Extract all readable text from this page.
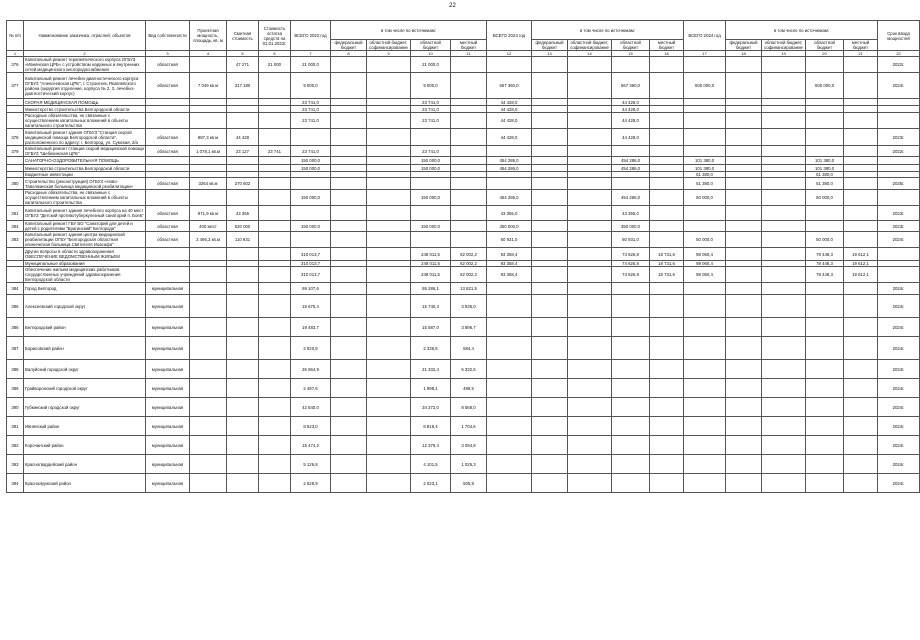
22
№ п/п	Наименование заказчика, отраслей, объектов	Вид собственности	Проектная мощность, площадь, кв. м	Сметная стоимость	Стоимость остатка средств на 01.01.2022г.	ВСЕГО 2022 год	в том числе по источникам:				ВСЕГО 2023 год	в том числе по источникам:				ВСЕГО 2024 год	в том числе по источникам:				Срок ввода мощностей
							федеральный бюджет	областной бюджет, софинансирование	областной бюджет	местный бюджет		федеральный бюджет	областной бюджет, софинансирование	областной бюджет	местный бюджет		федеральный бюджет	областной бюджет, софинансирование	областной бюджет	местный бюджет	
1	2	3	4	5	6	7	8	9	10	11	12	13	14	15	16	17	18	19	20	21	22
376	Капитальный ремонт терапевтического корпуса ОГБУЗ «Ивнянская ЦРБ» с устройством наружных и внутренних сетей медицинского кислородоснабжения	областная		47 271	21 000	21 000,0			21 000,0												2022г.
377	Капитальный ремонт лечебно-диагностического корпуса ОГБУЗ "Алексеевская ЦРБ", г. Строитель Яковлевского района (хирургия отделение, корпуса № 2, 3, лечебно-диагностический корпус)	областная	7 049 кв.м	317 180		9 000,0			9 000,0		567 360,0			567 360,0		500 000,0			500 000,0		2024г.
	СКОРАЯ МЕДИЦИНСКАЯ ПОМОЩЬ					23 741,0			23 741,0		44 428,0			44 428,0							
	Министерство строительства Белгородской области					23 741,0			23 741,0		44 428,0			44 428,0							
	Расходные обязательства, не связанные с осуществлением капитальных вложений в объекты капитального строительства					23 741,0			23 741,0		44 428,0			44 428,0							
378	Капитальный ремонт здания ОГБУЗ "Станция скорой медицинской помощи Белгородской области", расположенного по адресу: г. Белгород, ул. Сумская, 2/а	областная	987,3 кв.м	44 428							44 428,0			44 428,0							2023г.
379	Капитальный ремонт станции скорой медицинской помощи ОГБУЗ "Шебекинская ЦРБ"	областная	1 078,1 кв.м	23 127	23 741	23 741,0			23 741,0												2022г.
	САНАТОРНО-ОЗДОРОВИТЕЛЬНАЯ ПОМОЩЬ					150 000,0			150 000,0		454 286,0			454 286,0		101 380,0			101 380,0		
	Министерство строительства Белгородской области					150 000,0			150 000,0		454 286,0			454 286,0		101 380,0			101 380,0		
	Бюджетные инвестиции															51 380,0			51 380,0		
380	Строительство (реконструкция) ОГБУЗ «Ново-Таволжанская больница медицинской реабилитации»	областная	3264 кв.м	270 602												51 380,0			51 380,0		2025г.
	Расходные обязательства, не связанные с осуществлением капитальных вложений в объекты капитального строительства					150 000,0			150 000,0		454 286,0			454 286,0		50 000,0			50 000,0		
381	Капитальный ремонт здания лечебного корпуса на 40 мест ОГБУЗ "Детский противотуберкулезный санаторий п. Боев"	областная	971,9 кв.м	43 355							43 355,0			43 355,0							2023г.
384	Капитальный ремонт ГБУ БО "Санаторий для детей и детей с родителями "Брагинский" Белгорода"	областная	400 мест	520 000		150 000,0			150 000,0		350 000,0			350 000,0							2023г.
383	Капитальный ремонт здания центра медицинской реабилитации ОГБУ "Белгородская областная клиническая больница Святителя Иоасафа"	областная	2 496,3 кв.м	110 931							60 931,0			60 931,0		50 000,0			50 000,0		2024г.
	Другие вопросы в области здравоохранения ОБЕСПЕЧЕНИЕ ВЕДОМСТВЕННЫМ ЖИЛЬЕМ					310 013,7			248 011,5	62 002,2	93 358,4			74 626,8	18 731,6	98 060,4			78 448,3	19 612,1	
	Муниципальные образования					310 013,7			248 011,5	62 002,2	93 358,4			74 626,8	18 731,6	98 060,4			78 448,3	19 612,1	
	Обеспечение жильем медицинских работников государственных учреждений здравоохранения Белгородской области					310 013,7			248 011,5	62 002,2	93 358,4			74 626,8	18 731,6	98 060,4			78 448,3	19 612,1	
384	Город Белгород	муниципальная				69 107,6			55 286,1	13 821,5											2024г.
385	Алексеевский городской округ	муниципальная				19 675,4			15 740,4	3 935,0											2024г.
386	Белгородский район	муниципальная				19 483,7			15 587,0	3 896,7											2024г.
387	Борисовский район	муниципальная				2 920,9			2 336,5	584,4											2024г.
388	Валуйский городской округ	муниципальная				26 664,9			21 332,4	5 332,5											2024г.
389	Грайворонский городской округ	муниципальная				2 497,6			1 998,1	499,5											2024г.
390	Губкинский городской округ	муниципальная				42 840,0			34 272,0	8 568,0											2024г.
391	Ивнянский район	муниципальная				8 523,0			6 818,4	1 704,6											2024г.
392	Корочанский район	муниципальная				15 474,2			12 379,4	3 094,8											2024г.
393	Красногвардейский район	муниципальная				5 126,8			4 101,5	1 025,3											2024г.
394	Краснояружский район	муниципальная				2 528,9			2 023,1	505,8											2024г.
